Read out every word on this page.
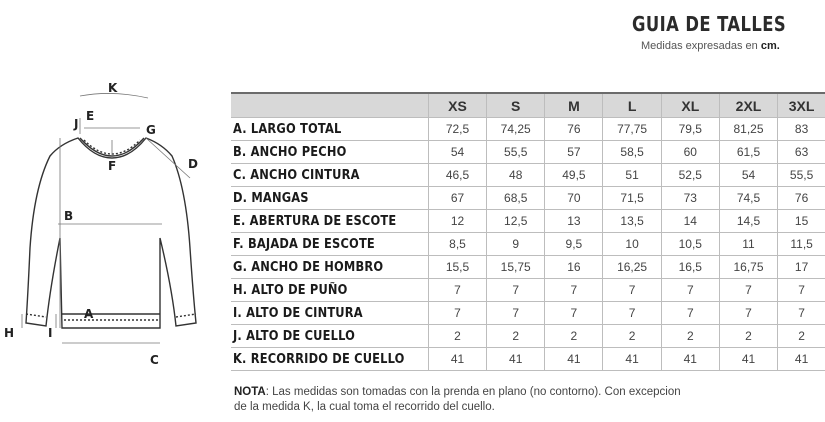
GUIA DE TALLES
Medidas expresadas en cm.
K
J
E
G
D
F
B
A
H	I
C
	XS	S	M	L	XL	2XL	3XL
A. LARGO TOTAL	72,5	74,25	76	77,75	79,5	81,25	83
B. ANCHO PECHO	54	55,5	57	58,5	60	61,5	63
C. ANCHO CINTURA	46,5	48	49,5	51	52,5	54	55,5
D. MANGAS	67	68,5	70	71,5	73	74,5	76
E. ABERTURA DE ESCOTE	12	12,5	13	13,5	14	14,5	15
F. BAJADA DE ESCOTE	8,5	9	9,5	10	10,5	11	11,5
G. ANCHO DE HOMBRO	15,5	15,75	16	16,25	16,5	16,75	17
H. ALTO DE PUÑO	7	7	7	7	7	7	7
I. ALTO DE CINTURA	7	7	7	7	7	7	7
J. ALTO DE CUELLO	2	2	2	2	2	2	2
K. RECORRIDO DE CUELLO	41	41	41	41	41	41	41
NOTA: Las medidas son tomadas con la prenda en plano (no contorno). Con excepcion de la medida K, la cual toma el recorrido del cuello.
